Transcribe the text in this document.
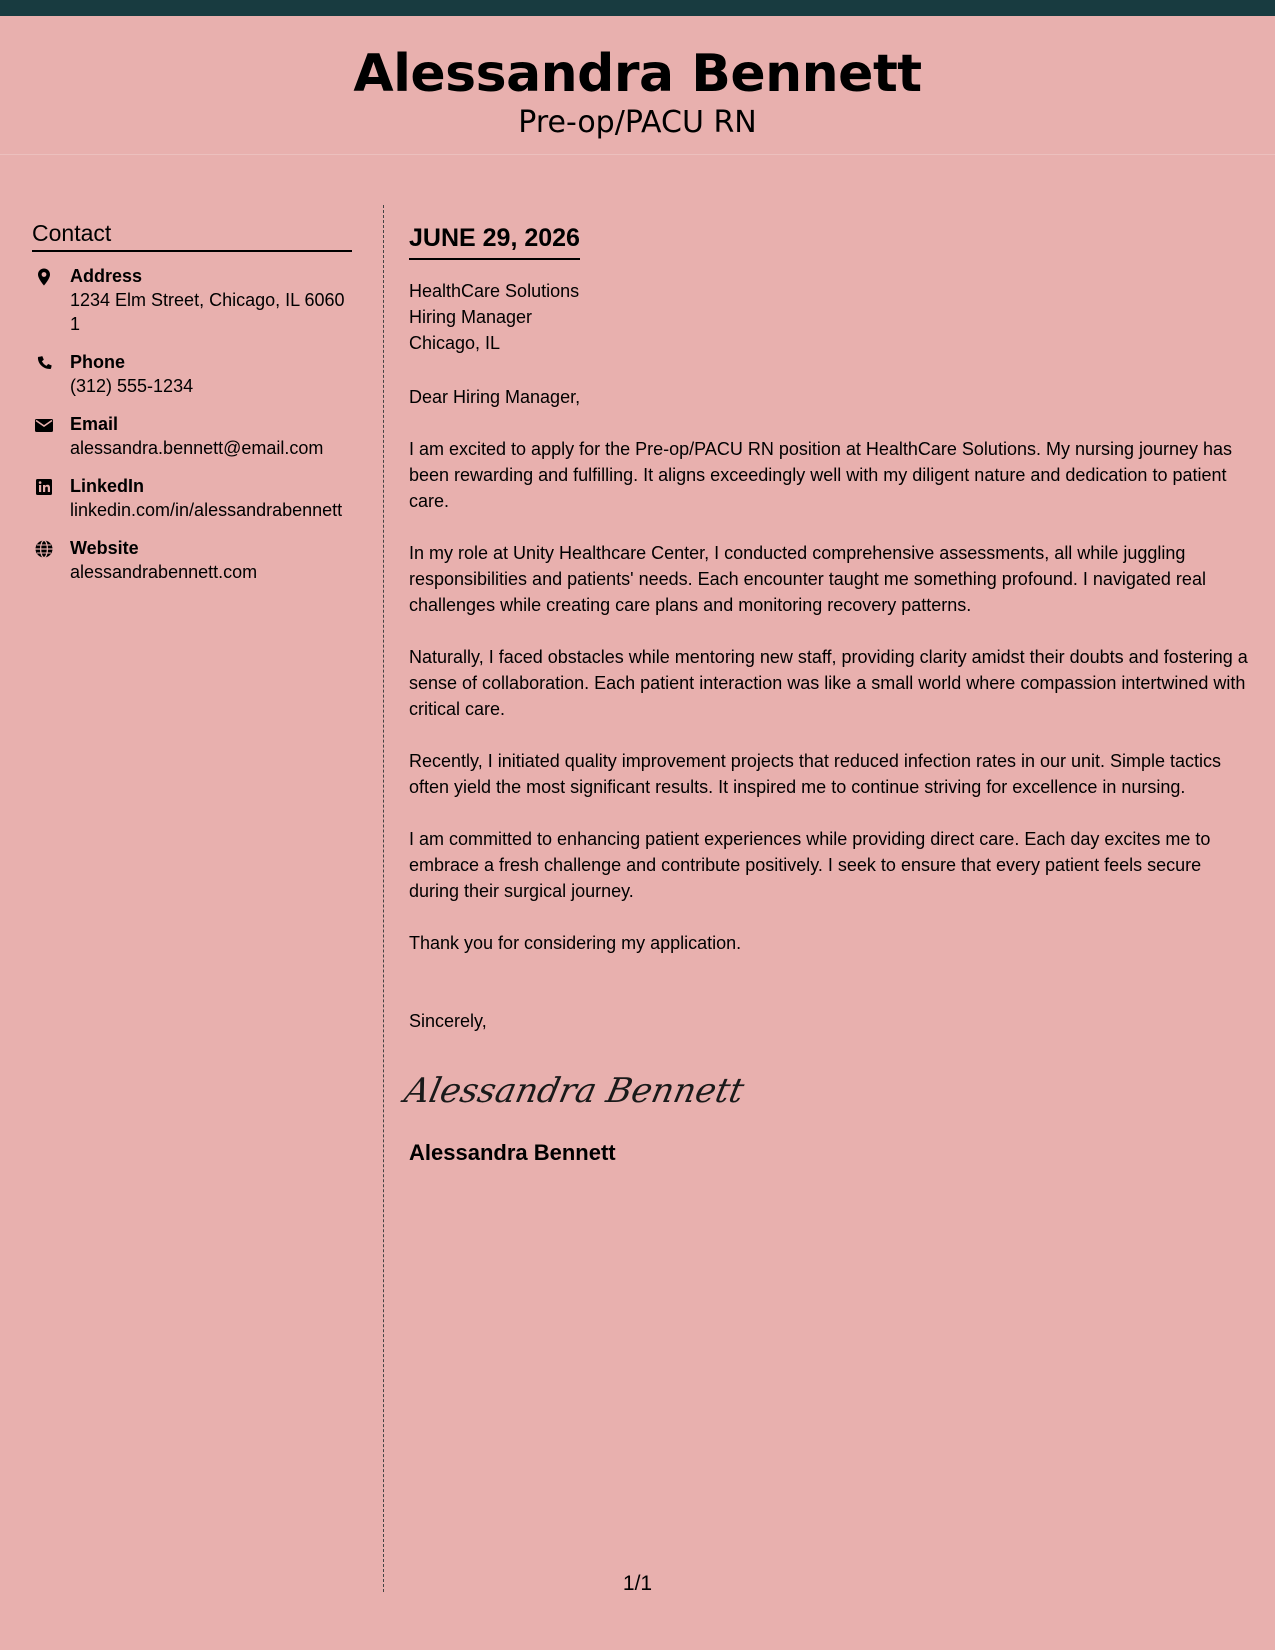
Alessandra Bennett

Pre-op/PACU RN

Contact
Address
1234 Elm Street, Chicago, IL 60601
Phone
(312) 555-1234
Email
alessandra.bennett@email.com
LinkedIn
linkedin.com/in/alessandrabennett
Website
alessandrabennett.com
JUNE 29, 2026
HealthCare Solutions
Hiring Manager
Chicago, IL

Dear Hiring Manager,

I am excited to apply for the Pre-op/PACU RN position at HealthCare Solutions. My nursing journey has been rewarding and fulfilling. It aligns exceedingly well with my diligent nature and dedication to patient care.

In my role at Unity Healthcare Center, I conducted comprehensive assessments, all while juggling responsibilities and patients' needs. Each encounter taught me something profound. I navigated real challenges while creating care plans and monitoring recovery patterns.

Naturally, I faced obstacles while mentoring new staff, providing clarity amidst their doubts and fostering a sense of collaboration. Each patient interaction was like a small world where compassion intertwined with critical care.

Recently, I initiated quality improvement projects that reduced infection rates in our unit. Simple tactics often yield the most significant results. It inspired me to continue striving for excellence in nursing.

I am committed to enhancing patient experiences while providing direct care. Each day excites me to embrace a fresh challenge and contribute positively. I seek to ensure that every patient feels secure during their surgical journey.

Thank you for considering my application.

Sincerely,

Alessandra Bennett

Alessandra Bennett

1/1
